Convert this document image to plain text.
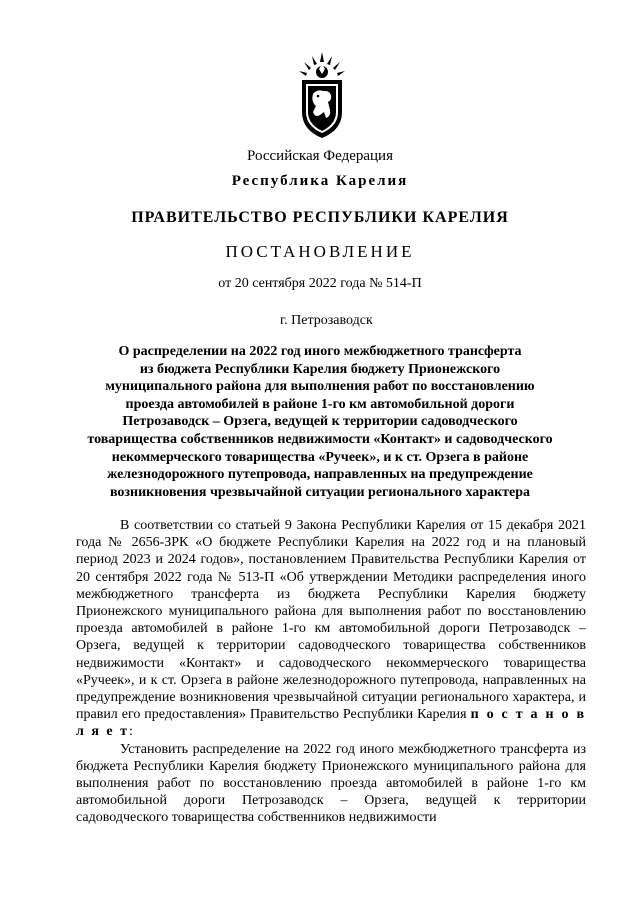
Российская Федерация
Республика Карелия
ПРАВИТЕЛЬСТВО РЕСПУБЛИКИ КАРЕЛИЯ
ПОСТАНОВЛЕНИЕ
от 20 сентября 2022 года № 514-П
г. Петрозаводск
О распределении на 2022 год иного межбюджетного трансферта
из бюджета Республики Карелия бюджету Прионежского
муниципального района для выполнения работ по восстановлению
проезда автомобилей в районе 1-го км автомобильной дороги
Петрозаводск – Орзега, ведущей к территории садоводческого
товарищества собственников недвижимости «Контакт» и садоводческого
некоммерческого товарищества «Ручеек», и к ст. Орзега в районе
железнодорожного путепровода, направленных на предупреждение
возникновения чрезвычайной ситуации регионального характера

В соответствии со статьей 9 Закона Республики Карелия от 15 декабря 2021 года № 2656-ЗРК «О бюджете Республики Карелия на 2022 год и на плановый период 2023 и 2024 годов», постановлением Правительства Республики Карелия от 20 сентября 2022 года № 513-П «Об утверждении Методики распределения иного межбюджетного трансферта из бюджета Республики Карелия бюджету Прионежского муниципального района для выполнения работ по восстановлению проезда автомобилей в районе 1-го км автомобильной дороги Петрозаводск – Орзега, ведущей к территории садоводческого товарищества собственников недвижимости «Контакт» и садоводческого некоммерческого товарищества «Ручеек», и к ст. Орзега в районе железнодорожного путепровода, направленных на предупреждение возникновения чрезвычайной ситуации регионального характера, и правил его предоставления» Правительство Республики Карелия п о с т а н о в л я е т:

Установить распределение на 2022 год иного межбюджетного трансферта из бюджета Республики Карелия бюджету Прионежского муниципального района для выполнения работ по восстановлению проезда автомобилей в районе 1-го км автомобильной дороги Петрозаводск – Орзега, ведущей к территории садоводческого товарищества собственников недвижимости
